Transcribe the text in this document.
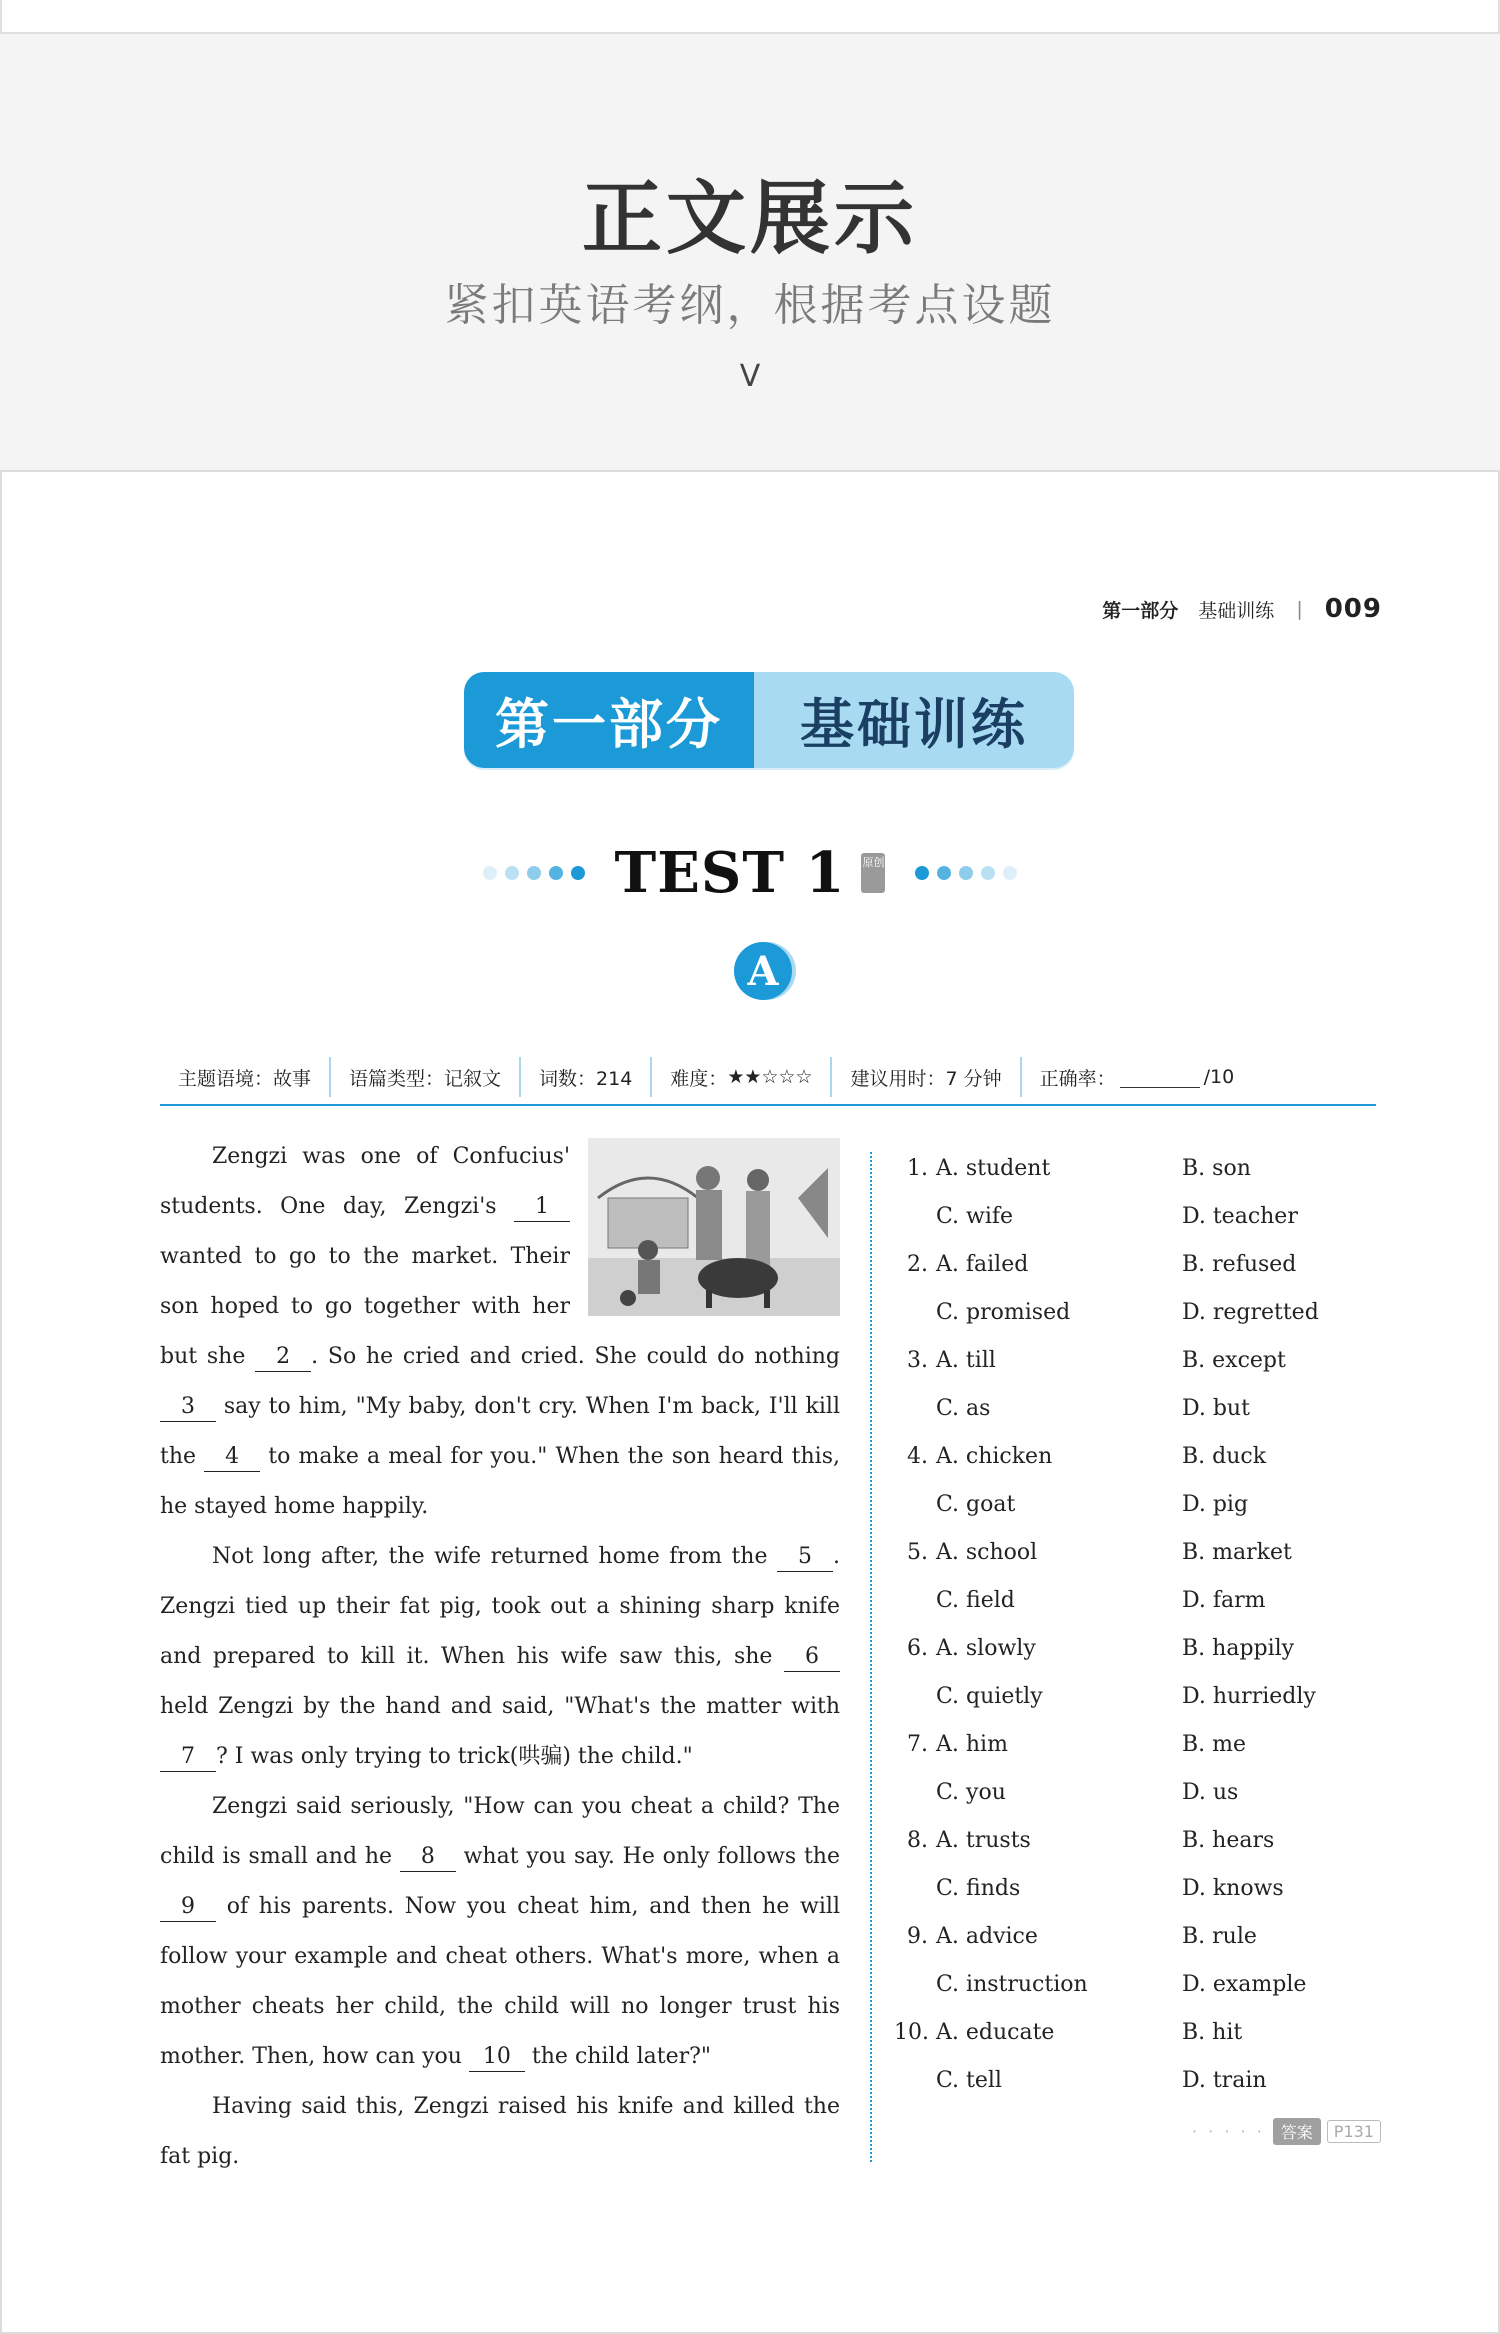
正文展示
紧扣英语考纲，根据考点设题
V
第一部分 基础训练 | 009
第一部分	基础训练
TEST 1 原创
A
主题语境：故事	语篇类型：记叙文	词数：214	难度： ★★☆☆☆	建议用时：7 分钟	正确率：	/10

Zengzi was one of Confucius' students. One day, Zengzi's 1 wanted to go to the market. Their son hoped to go together with her but she 2 . So he cried and cried. She could do nothing 3 say to him, "My baby, don't cry. When I'm back, I'll kill the 4 to make a meal for you." When the son heard this, he stayed home happily.

Not long after, the wife returned home from the 5 . Zengzi tied up their fat pig, took out a shining sharp knife and prepared to kill it. When his wife saw this, she 6 held Zengzi by the hand and said, "What's the matter with 7 ? I was only trying to trick(哄骗) the child."

Zengzi said seriously, "How can you cheat a child? The child is small and he 8 what you say. He only follows the 9 of his parents. Now you cheat him, and then he will follow your example and cheat others. What's more, when a mother cheats her child, the child will no longer trust his mother. Then, how can you 10 the child later?"

Having said this, Zengzi raised his knife and killed the fat pig.

1. A. student	B. son
C. wife	D. teacher
2. A. failed	B. refused
C. promised	D. regretted
3. A. till	B. except
C. as	D. but
4. A. chicken	B. duck
C. goat	D. pig
5. A. school	B. market
C. field	D. farm
6. A. slowly	B. happily
C. quietly	D. hurriedly
7. A. him	B. me
C. you	D. us
8. A. trusts	B. hears
C. finds	D. knows
9. A. advice	B. rule
C. instruction	D. example
10. A. educate	B. hit
C. tell	D. train
· · · · ·	答案	P131
